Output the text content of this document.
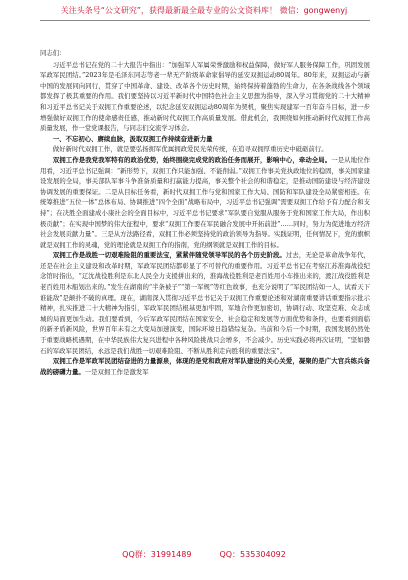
关注头条号“公文研究”，获得最新最全最专业的公文资料库！ 微信：gongwenyj

同志们：

习近平总书记在党的二十大报告中指出：“加强军人军属荣誉激励和权益保障，做好军人服务保障工作，巩固发展军政军民团结。”2023年是毛泽东同志等老一辈无产阶级革命家倡导的延安双拥运动80周年。80年来，双拥运动与新中国的发展同向同行，贯穿了中国革命、建设、改革各个历史时期，始终保持着蓬勃的生命力，在各条战线各个领域都发挥了极其重要的作用。我们要坚持以习近平新时代中国特色社会主义思想为指导，深入学习贯彻党的二十大精神和习近平总书记关于双拥工作重要论述，以纪念延安双拥运动80周年为契机，聚焦实现建军一百年奋斗目标，进一步增强做好双拥工作的使命感责任感，推动新时代双拥工作高质量发展。借此机会，我围绕如何推动新时代双拥工作高质量发展，作一堂党课报告，与同志们交流学习体会。

一、不忘初心、赓续血脉，汲取双拥工作持续奋进新力量

做好新时代双拥工作，就是要弘扬拥军优属拥政爱民光荣传统，在追寻双拥厚重历史中砥砺前行。

双拥工作是我党我军特有的政治优势，始终围绕完成党的政治任务而展开，影响中心，牵动全局。一是从地位作用看，习近平总书记强调：“新形势下，双拥工作只能加强、不能削弱。”双拥工作事关党执政地位的稳固，事关国家建设发展的全局，事关部队军事斗争准备质量和打赢能力提高，事关整个社会的和谐稳定，是推动国防建设与经济建设协调发展的重要保证。二是从目标任务看，新时代双拥工作与党和国家工作大局、国防和军队建设全局紧密相连。在统筹推进“五位一体”总体布局、协调推进“四个全面”战略布局中，习近平总书记强调“需要双拥工作给予有力配合和支持”；在决胜全面建成小康社会的全面目标中，习近平总书记要求“军队要自觉服从服务于党和国家工作大局，作出积极贡献”；在实现中国梦的伟大征程中，要求“双拥工作要在军民融合发展中开拓前进”……同时，努力为促进地方经济社会发展贡献力量”。三是从方法路径看，双拥工作必须坚持党的政治领导为指导。实践证明，任何情况下，党的旗帜就是双拥工作的灵魂，党的理论就是双拥工作的指南，党的纲领就是双拥工作的目标。

双拥工作是战胜一切艰难险阻的重要法宝，紧紧伴随党领导军民的各个历史阶段。过去，无论是革命战争年代，还是在社会主义建设和改革时期，军政军民团结都彰显了不可替代的重要作用。习近平总书记在考察江苏淮海战役纪念馆时指出，“辽沈战役胜利是东北人民全力支援拼出来的，淮海战役胜利是老百姓用小车推出来的，渡江战役胜利是老百姓用木船划出来的。”发生在湖南的“半条被子”“第一军规”等红色故事，也充分说明了“军民团结如一人，试看天下谁能敌”是颠扑不破的真理。现在，湖南深入贯彻习近平总书记关于双拥工作重要论述和对湖南重要讲话重要指示批示精神，扎实推进二十大精神为指引，军政军民团结根基更加牢固，军地合作更加密切，协调行动、攻坚克难、众志成城的局面更加生动。我们要看到，今后军政军民团结在国家安全、社会稳定和发展等方面优势和条件，也要看到面临的新矛盾新风险，世界百年未有之大变局加速演变，国际环境日趋错综复杂。当前和今后一个时期，我国发展仍然处于重要战略机遇期，在中华民族伟大复兴进程中各种风险挑战只会增多，不会减少。历史实践必将再次证明，“坚如磐石的军政军民团结，永远是我们战胜一切艰难险阻、不断从胜利走向胜利的重要法宝”。

双拥工作是军政军民团结奋进的力量源泉，体现的是党和政府对军队建设的关心关爱，凝聚的是广大官兵练兵备战的磅礴力量。一是双拥工作是激发军

QQ群：31991489	QQ：535304092
